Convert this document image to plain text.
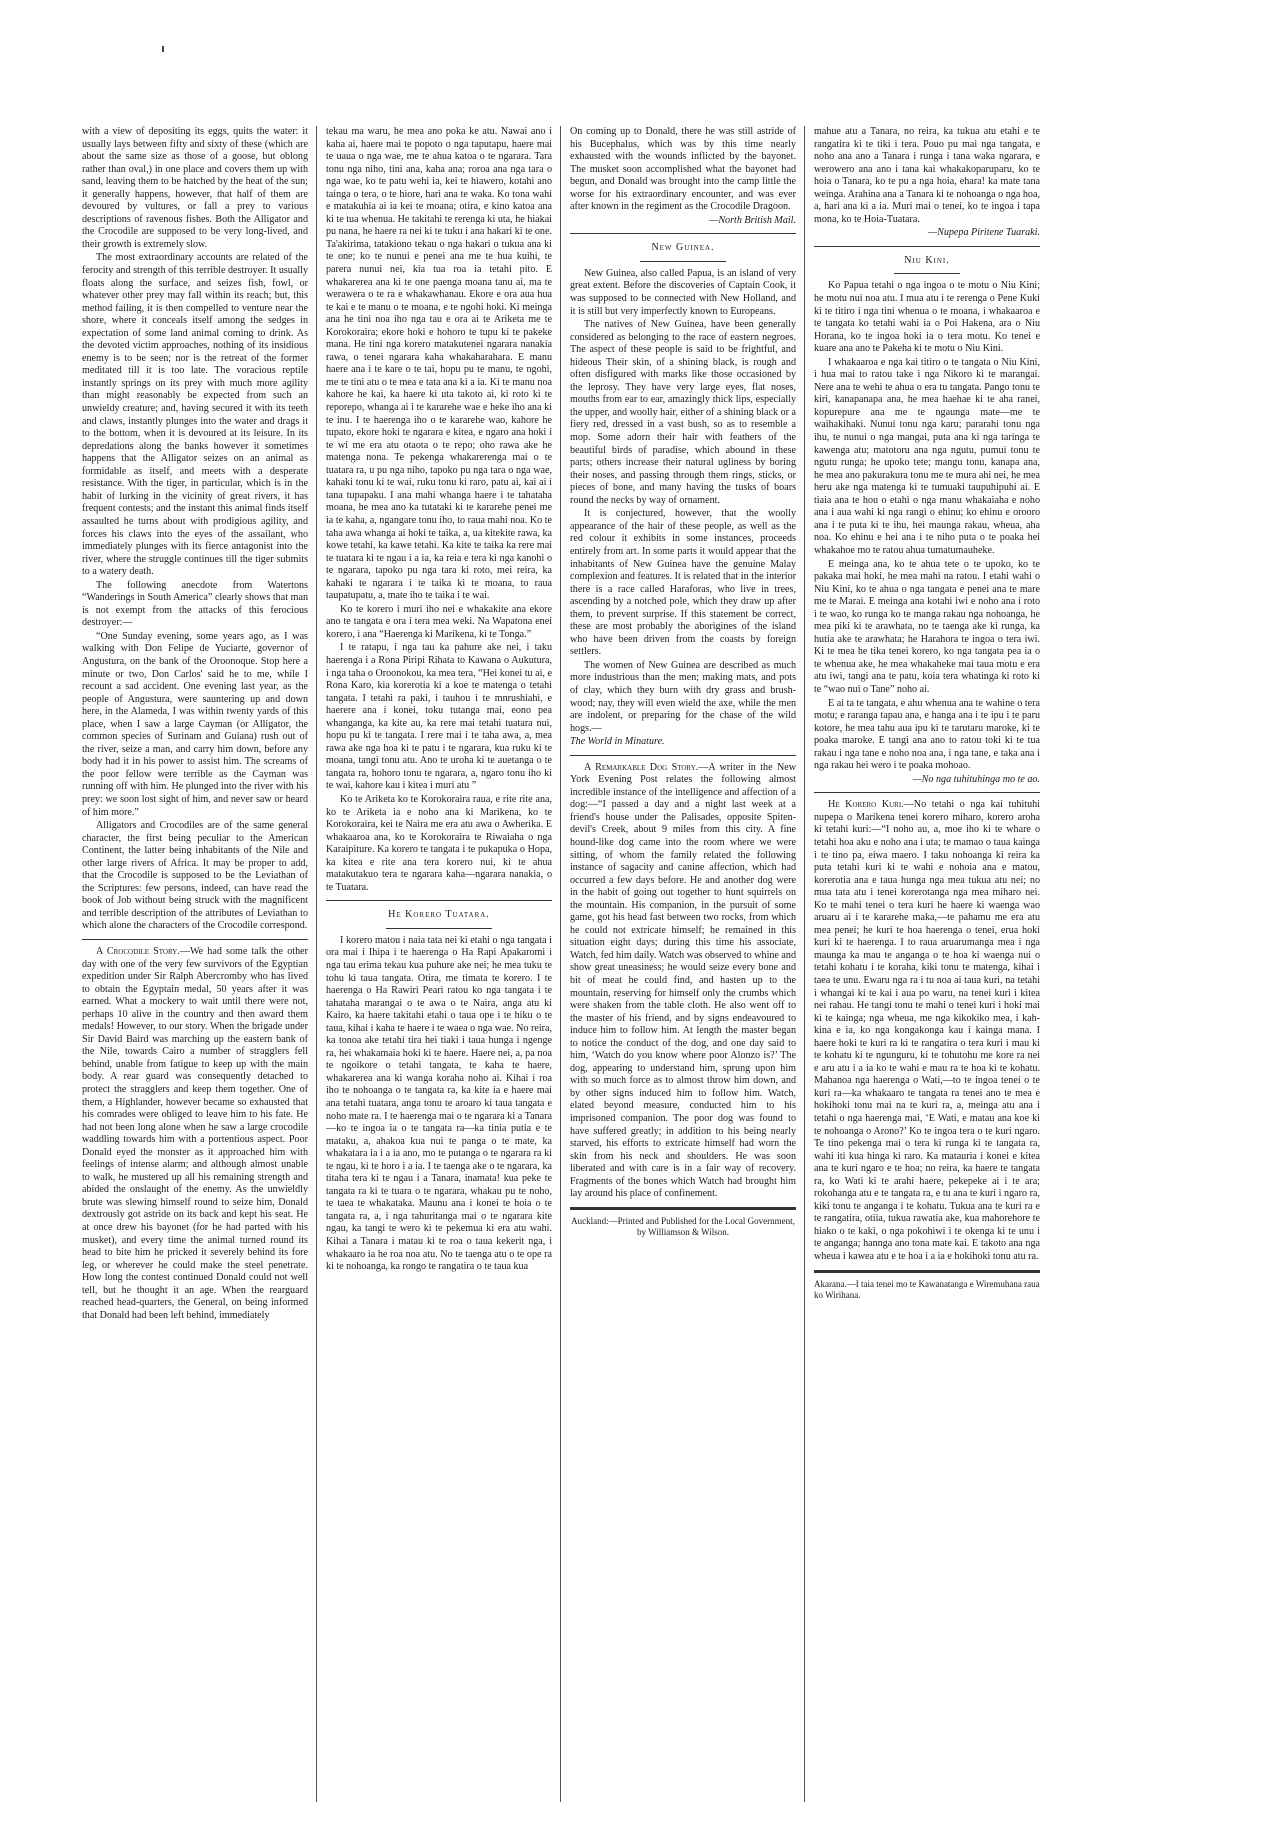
with a view of depositing its eggs, quits the water: it usually lays between fifty and sixty of these (which are about the same size as those of a goose, but oblong rather than oval,) in one place and covers them up with sand, leaving them to be hatched by the heat of the sun; it generally happens, however, that half of them are devoured by vultures, or fall a prey to various descriptions of ravenous fishes. Both the Alligator and the Crocodile are supposed to be very long-lived, and their growth is extremely slow.

The most extraordinary accounts are related of the ferocity and strength of this terrible destroyer. It usually floats along the surface, and seizes fish, fowl, or whatever other prey may fall within its reach; but, this method failing, it is then compelled to venture near the shore, where it conceals itself among the sedges in expectation of some land animal coming to drink. As the devoted victim approaches, nothing of its insidious enemy is to be seen; nor is the retreat of the former meditated till it is too late. The voracious reptile instantly springs on its prey with much more agility than might reasonably be expected from such an unwieldy creature; and, having secured it with its teeth and claws, instantly plunges into the water and drags it to the bottom, when it is devoured at its leisure. In its depredations along the banks however it sometimes happens that the Alligator seizes on an animal as formidable as itself, and meets with a desperate resistance. With the tiger, in particular, which is in the habit of lurking in the vicinity of great rivers, it has frequent contests; and the instant this animal finds itself assaulted he turns about with prodigious agility, and forces his claws into the eyes of the assailant, who immediately plunges with its fierce antagonist into the river, where the struggle continues till the tiger submits to a watery death.

The following anecdote from Watertons “Wanderings in South America” clearly shows that man is not exempt from the attacks of this ferocious destroyer:—

“One Sunday evening, some years ago, as I was walking with Don Felipe de Yuciarte, governor of Angustura, on the bank of the Oroonoque. Stop here a minute or two, Don Carlos' said he to me, while I recount a sad accident. One evening last year, as the people of Angustura, were sauntering up and down here, in the Alameda, I was within twenty yards of this place, when I saw a large Cayman (or Alligator, the common species of Surinam and Guiana) rush out of the river, seize a man, and carry him down, before any body had it in his power to assist him. The screams of the poor fellow were terrible as the Cayman was running off with him. He plunged into the river with his prey: we soon lost sight of him, and never saw or heard of him more.”

Alligators and Crocodiles are of the same general character, the first being peculiar to the American Continent, the latter being inhabitants of the Nile and other large rivers of Africa. It may be proper to add, that the Crocodile is supposed to be the Leviathan of the Scriptures: few persons, indeed, can have read the book of Job without being struck with the magnificent and terrible description of the attributes of Leviathan to which alone the characters of the Crocodile correspond.

A Crocodile Story.—We had some talk the other day with one of the very few survivors of the Egyptian expedition under Sir Ralph Abercromby who has lived to obtain the Egyptain medal, 50 years after it was earned. What a mockery to wait until there were not, perhaps 10 alive in the country and then award them medals! However, to our story. When the brigade under Sir David Baird was marching up the eastern bank of the Nile, towards Cairo a number of stragglers fell behind, unable from fatigue to keep up with the main body. A rear guard was consequently detached to protect the stragglers and keep them together. One of them, a Highlander, however became so exhausted that his comrades were obliged to leave him to his fate. He had not been long alone when he saw a large crocodile waddling towards him with a portentious aspect. Poor Donald eyed the monster as it approached him with feelings of intense alarm; and although almost unable to walk, he mustered up all his remaining strength and abided the onslaught of the enemy. As the unwieldly brute was slewing himself round to seize him, Donald dextrously got astride on its back and kept his seat. He at once drew his bayonet (for he had parted with his musket), and every time the animal turned round its head to bite him he pricked it severely behind its fore leg, or wherever he could make the steel penetrate. How long the contest continued Donald could not well tell, but he thought it an age. When the rearguard reached head-quarters, the General, on being informed that Donald had been left behind, immediately

tekau ma waru, he mea ano poka ke atu. Nawai ano i kaha ai, haere mai te popoto o nga taputapu, haere mai te uaua o nga wae, me te ahua katoa o te ngarara. Tara tonu nga niho, tini ana, kaha ana; roroa ana nga tara o nga wae, ko te patu wehi ia, kei te hiawero, kotahi ano tainga o tera, o te hiore, hari ana te waka. Ko tona wahi e matakuhia ai ia kei te moana; otira, e kino katoa ana ki te tua whenua. He takitahi te rerenga ki uta, he hiakai pu nana, he haere ra nei ki te tuku i ana hakari ki te one. Ta'akirima, tatakiono tekau o nga hakari o tukua ana ki te one; ko te nunui e penei ana me te hua kuihi, te parera nunui nei, kia tua roa ia tetahi pito. E whakarerea ana ki te one paenga moana tanu ai, ma te werawera o te ra e whakawhanau. Ekore e ora aua hua te kai e te manu o te moana, e te ngohi hoki. Ki meinga ana he tini noa iho nga tau e ora ai te Ariketa me te Korokoraira; ekore hoki e hohoro te tupu ki te pakeke mana. He tini nga korero matakutenei ngarara nanakia rawa, o tenei ngarara kaha whakaharahara. E manu haere ana i te kare o te tai, hopu pu te manu, te ngohi, me te tini atu o te mea e tata ana ki a ia. Ki te manu noa kahore he kai, ka haere ki uta takoto ai, ki roto ki te reporepo, whanga ai i te kararehe wae e heke iho ana ki te inu. I te haerenga iho o te kararehe wao, kahore he tupato, ekore hoki te ngarara e kitea, e ngaro ana hoki i te wi me era atu otaota o te repo; oho rawa ake he matenga nona. Te pekenga whakarerenga mai o te tuatara ra, u pu nga niho, tapoko pu nga tara o nga wae, kahaki tonu ki te wai, ruku tonu ki raro, patu ai, kai ai i tana tupapaku. I ana mahi whanga haere i te tahataha moana, he mea ano ka tutataki ki te kararehe penei me ia te kaha, a, ngangare tonu iho, to raua mahi noa. Ko te taha awa whanga ai hoki te taika, a, ua kitekite rawa, ka kowe tetahi, ka kawe tetahi. Ka kite te taika ka rere mai te tuatara ki te ngau i a ia, ka reia e tera ki nga kanohi o te ngarara, tapoko pu nga tara ki roto, mei reira, ka kahaki te ngarara i te taika ki te moana, to raua taupatupatu, a, mate iho te taika i te wai.

Ko te korero i muri iho nei e whakakite ana ekore ano te tangata e ora i tera mea weki. Na Wapatona enei korero, i ana “Haerenga ki Marikena, ki te Tonga.”

I te ratapu, i nga tau ka pahure ake nei, i taku haerenga i a Rona Piripi Rihata to Kawana o Aukutura, i nga taha o Oroonokou, ka mea tera, “Hei konei tu ai, e Rona Karo, kia korerotia ki a koe te matenga o tetahi tangata. I tetahi ra paki, i tauhou i te mnrushiahi, e haerere ana i konei, toku tutanga mai, eono pea whanganga, ka kite au, ka rere mai tetahi tuatara nui, hopu pu ki te tangata. I rere mai i te taha awa, a, mea rawa ake nga hoa ki te patu i te ngarara, kua ruku ki te moana, tangi tonu atu. Ano te uroha ki te auetanga o te tangata ra, hohoro tonu te ngarara, a, ngaro tonu iho ki te wai, kahore kau i kitea i muri atu ”

Ko te Ariketa ko te Korokoraira raua, e rite rite ana, ko te Ariketa ia e noho ana ki Marikena, ko te Korokoraira, kei te Naira me era atu awa o Awherika. E whakaaroa ana, ko te Korokoraira te Riwaiaha o nga Karaipiture. Ka korero te tangata i te pukapuka o Hopa, ka kitea e rite ana tera korero nui, ki te ahua matakutakuo tera te ngarara kaha—ngarara nanakia, o te Tuatara.

He Korero Tuatara.

I korero matou i naia tata nei ki etahi o nga tangata i ora mai i Ihipa i te haerenga o Ha Rapi Apakaromi i nga tau erima tekau kua puhure ake nei; he mea tuku te tohu ki taua tangata. Otira, me timata te korero. I te haerenga o Ha Rawiri Peari ratou ko nga tangata i te tahataha marangai o te awa o te Naira, anga atu ki Kairo, ka haere takitahi etahi o taua ope i te hiku o te taua, kihai i kaha te haere i te waea o nga wae. No reira, ka tonoa ake tetahi tira hei tiaki i taua hunga i ngenge ra, hei whakamaia hoki ki te haere. Haere nei, a, pa noa te ngoikore o tetahi tangata, te kaha te haere, whakarerea ana ki wanga koraha noho ai. Kihai i roa iho te nohoanga o te tangata ra, ka kite ia e haere mai ana tetahi tuatara, anga tonu te aroaro ki taua tangata e noho mate ra. I te haerenga mai o te ngarara ki a Tanara—ko te ingoa ia o te tangata ra—ka tinia putia e te mataku, a, ahakoa kua nui te panga o te mate, ka whakatara ia i a ia ano, mo te putanga o te ngarara ra ki te ngau, ki te horo i a ia. I te taenga ake o te ngarara, ka titaha tera ki te ngau i a Tanara, inamata! kua peke te tangata ra ki te tuara o te ngarara, whakau pu te noho, te taea te whakataka. Maunu ana i konei te hoia o te tangata ra, a, i nga tahuritanga mai o te ngarara kite ngau, ka tangi te wero ki te pekemua ki era atu wahi. Kihai a Tanara i matau ki te roa o taua kekerit nga, i whakaaro ia he roa noa atu. No te taenga atu o te ope ra ki te nohoanga, ka rongo te rangatira o te taua kua

On coming up to Donald, there he was still astride of his Bucephalus, which was by this time nearly exhausted with the wounds inflicted by the bayonet. The musket soon accomplished what the bayonet had begun, and Donald was brought into the camp little the worse for his extraordinary encounter, and was ever after known in the regiment as the Crocodile Dragoon.

—North British Mail.

New Guinea.

New Guinea, also called Papua, is an island of very great extent. Before the discoveries of Captain Cook, it was supposed to be connected with New Holland, and it is still but very imperfectly known to Europeans.

The natives of New Guinea, have been generally considered as belonging to the race of eastern negroes. The aspect of these people is said to be frightful, and hideous Their skin, of a shining black, is rough and often disfigured with marks like those occasioned by the leprosy. They have very large eyes, flat noses, mouths from ear to ear, amazingly thick lips, especially the upper, and woolly hair, either of a shining black or a fiery red, dressed in a vast bush, so as to resemble a mop. Some adorn their hair with feathers of the beautiful birds of paradise, which abound in these parts; others increase their natural ugliness by boring their noses, and passing through them rings, sticks, or pieces of bone, and many having the tusks of boars round the necks by way of ornament.

It is conjectured, however, that the woolly appearance of the hair of these people, as well as the red colour it exhibits in some instances, proceeds entirely from art. In some parts it would appear that the inhabitants of New Guinea have the genuine Malay complexion and features. It is related that in the interior there is a race called Haraforas, who live in trees, ascending by a notched pole, which they draw up after them, to prevent surprise. If this statement be correct, these are most probably the aborigines of the island who have been driven from the coasts by foreign settlers.

The women of New Guinea are described as much more industrious than the men; making mats, and pots of clay, which they burn with dry grass and brush-wood; nay, they will even wield the axe, while the men are indolent, or preparing for the chase of the wild hogs.—

The World in Minature.

A Remarkable Dog Story.—A writer in the New York Evening Post relates the following almost incredible instance of the intelligence and affection of a dog:—“I passed a day and a night last week at a friend's house under the Palisades, opposite Spiten-devil's Creek, about 9 miles from this city. A fine hound-like dog came into the room where we were sitting, of whom the family related the following instance of sagacity and canine affection, which had occurred a few days before. He and another dog were in the habit of going out together to hunt squirrels on the mountain. His companion, in the pursuit of some game, got his head fast between two rocks, from which he could not extricate himself; he remained in this situation eight days; during this time his associate, Watch, fed him daily. Watch was observed to whine and show great uneasiness; he would seize every bone and bit of meat he could find, and hasten up to the mountain, reserving for himself only the crumbs which were shaken from the table cloth. He also went off to the master of his friend, and by signs endeavoured to induce him to follow him. At length the master began to notice the conduct of the dog, and one day said to him, ‘Watch do you know where poor Alonzo is?’ The dog, appearing to understand him, sprung upon him with so much force as to almost throw him down, and by other signs induced him to follow him. Watch, elated beyond measure, conducted him to his imprisoned companion. The poor dog was found to have suffered greatly; in addition to his being nearly starved, his efforts to extricate himself had worn the skin from his neck and shoulders. He was soon liberated and with care is in a fair way of recovery. Fragments of the bones which Watch had brought him lay around his place of confinement.

Auckland:—Printed and Published for the Local Government, by Williamson & Wilson.

mahue atu a Tanara, no reira, ka tukua atu etahi e te rangatira ki te tiki i tera. Pouo pu mai nga tangata, e noho ana ano a Tanara i runga i tana waka ngarara, e werowero ana ano i tana kai whakakoparuparu, ko te hoia o Tanara, ko te pu a nga hoia, ehara! ka mate tana weinga. Arahina ana a Tanara ki te nohoanga o nga hoa, a, hari ana ki a ia. Muri mai o tenei, ko te ingoa i tapa mona, ko te Hoia-Tuatara.

—Nupepa Piritene Tuaraki.

Niu Kini.

Ko Papua tetahi o nga ingoa o te motu o Niu Kini; he motu nui noa atu. I mua atu i te rerenga o Pene Kuki ki te titiro i nga tini whenua o te moana, i whakaaroa e te tangata ko tetahi wahi ia o Poi Hakena, ara o Niu Horana, ko te ingoa hoki ia o tera motu. Ko tenei e kuare ana ano te Pakeha ki te motu o Niu Kini.

I whakaaroa e nga kai titiro o te tangata o Niu Kini, i hua mai to ratou take i nga Nikoro ki te marangai. Nere ana te wehi te ahua o era tu tangata. Pango tonu te kiri, kanapanapa ana, he mea haehae ki te aha ranei, kopurepure ana me te ngaunga mate—me te waihakihaki. Nunui tonu nga karu; pararahi tonu nga ihu, te nunui o nga mangai, puta ana ki nga taringa te kawenga atu; matotoru ana nga ngutu, pumui tonu te ngutu runga; he upoko tete; mangu tonu, kanapa ana, he mea ano pakurakura tonu me te mura ahi nei, he mea heru ake nga matenga ki te tumuaki taupuhipuhi ai. E tiaia ana te hou o etahi o nga manu whakaiaha e noho ana i aua wahi ki nga rangi o ehinu; ko ehinu e orooro ana i te puta ki te ihu, hei maunga rakau, wheua, aha noa. Ko ehinu e hei ana i te niho puta o te poaka hei whakahoe mo te ratou ahua tumatumauheke.

E meinga ana, ko te ahua tete o te upoko, ko te pakaka mai hoki, he mea mahi na ratou. I etahi wahi o Niu Kini, ko te ahua o nga tangata e penei ana te mare me te Marai. E meinga ana kotahi iwi e noho ana i roto i te wao, ko runga ko te manga rakau nga nohoanga, he mea piki ki te arawhata, no te taenga ake ki runga, ka hutia ake te arawhata; he Harahora te ingoa o tera iwi. Ki te mea he tika tenei korero, ko nga tangata pea ia o te whenua ake, he mea whakaheke mai taua motu e era atu iwi, tangi ana te patu, koia tera whatinga ki roto ki te “wao nui o Tane” noho ai.

E ai ta te tangata, e ahu whenua ana te wahine o tera motu; e raranga tapau ana, e hanga ana i te ipu i te paru kotore, he mea tahu aua ipu ki te tarutaru maroke, ki te poaka maroke. E tangi ana ano to ratou toki ki te tua rakau i nga tane e noho noa ana, i nga tane, e taka ana i nga rakau hei wero i te poaka mohoao.

—No nga tuhituhinga mo te ao.

He Korero Kuri.—No tetahi o nga kai tuhituhi nupepa o Marikena tenei korero miharo, korero aroha ki tetahi kuri:—“I noho au, a, moe iho ki te whare o tetahi hoa aku e noho ana i uta; te mamao o taua kainga i te tino pa, eiwa maero. I taku nohoanga ki reira ka puta tetahi kuri ki te wahi e nohoia ana e matou, korerotia ana e taua hunga nga mea tukua atu nei; no mua tata atu i tenei korerotanga nga mea miharo nei. Ko te mahi tenei o tera kuri he haere ki waenga wao aruaru ai i te kararehe maka,—te pahamu me era atu mea penei; he kuri te hoa haerenga o tenei, erua hoki kuri ki te haerenga. I to raua aruarumanga mea i nga maunga ka mau te anganga o te hoa ki waenga nui o tetahi kohatu i te koraha, kiki tonu te matenga, kihai i taea te unu. Ewaru nga ra i tu noa ai taua kuri, na tetahi i whangai ki te kai i aua po waru, na tenei kuri i kitea nei rahau. He tangi tonu te mahi o tenei kuri i hoki mai ki te kainga; nga wheua, me nga kikokiko mea, i kah-kina e ia, ko nga kongakonga kau i kainga mana. I haere hoki te kuri ra ki te rangatira o tera kuri i mau ki te kohatu ki te ngunguru, ki te tohutohu me kore ra nei e aru atu i a ia ko te wahi e mau ra te hoa ki te kohatu. Mahanoa nga haerenga o Wati,—to te ingoa tenei o te kuri ra—ka whakaaro te tangata ra tenei ano te mea e hokihoki tonu mai na te kuri ra, a, meinga atu ana i tetahi o nga haerenga mai, ‘E Wati, e matau ana koe ki te nohoanga o Arono?’ Ko te ingoa tera o te kuri ngaro. Te tino pekenga mai o tera ki runga ki te tangata ra, wahi iti kua hinga ki raro. Ka matauria i konei e kitea ana te kuri ngaro e te hoa; no reira, ka haere te tangata ra, ko Wati ki te arahi haere, pekepeke ai i te ara; rokohanga atu e te tangata ra, e tu ana te kuri i ngaro ra, kiki tonu te anganga i te kohatu. Tukua ana te kuri ra e te rangatira, otiia, tukua rawatia ake, kua mahorehore te hiako o te kaki, o nga pokohiwi i te okenga ki te unu i te anganga; hannga ano tona mate kai. E takoto ana nga wheua i kawea atu e te hoa i a ia e hokihoki tonu atu ra.

Akarana.—I taia tenei mo te Kawanatanga e Wiremuhana raua ko Wirihana.
